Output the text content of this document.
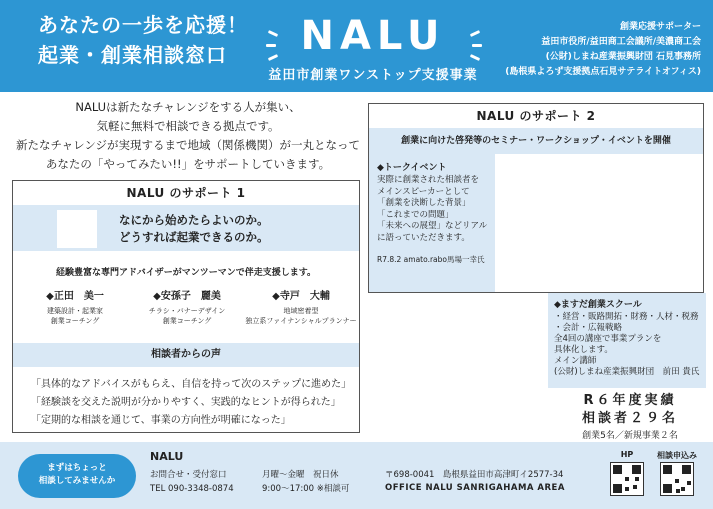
あなたの一歩を応援！
起業・創業相談窓口	NALU
益田市創業ワンストップ支援事業
創業応援サポーター
益田市役所/益田商工会議所/美濃商工会
(公財)しまね産業振興財団 石見事務所
(島根県よろず支援拠点石見サテライトオフィス)
NALUは新たなチャレンジをする人が集い、
気軽に無料で相談できる拠点です。
新たなチャレンジが実現するまで地域（関係機関）が一丸となって
あなたの「やってみたい!!」をサポートしていきます。
NALU のサポート 1
なにから始めたらよいのか。
どうすれば起業できるのか。
経験豊富な専門アドバイザーがマンツーマンで伴走支援します。
◆正田　美一
建築設計・起業家
創業コーチング
◆安孫子　麗美
チラシ・バナーデザイン
創業コーチング
◆寺戸　大輔
地域密着型
独立系ファイナンシャルプランナー
相談者からの声
「具体的なアドバイスがもらえ、自信を持って次のステップに進めた」
「経験談を交えた説明が分かりやすく、実践的なヒントが得られた」
「定期的な相談を通じて、事業の方向性が明確になった」
NALU のサポート 2
創業に向けた啓発等のセミナー・ワークショップ・イベントを開催
◆トークイベント
実際に創業された相談者を
メインスピーカーとして
「創業を決断した背景」
「これまでの問題」
「未来への展望」などリアル
に語っていただきます。
R7.8.2 amato.rabo馬場一幸氏
◆ますだ創業スクール
・経営・販路開拓・財務・人材・税務
・会計・広報戦略
全4回の講座で事業プランを
具体化します。
メイン講師
(公財)しまね産業振興財団　前田 貴氏
R６年度実績
相談者２９名
創業5名／新規事業２名
まずはちょっと
相談してみませんか
NALU
お問合せ・受付窓口
TEL 090-3348-0874
月曜～金曜　祝日休
9:00～17:00 ※相談可
〒698-0041　島根県益田市高津町イ2577-34
OFFICE NALU SANRIGAHAMA AREA
HP	相談申込み
